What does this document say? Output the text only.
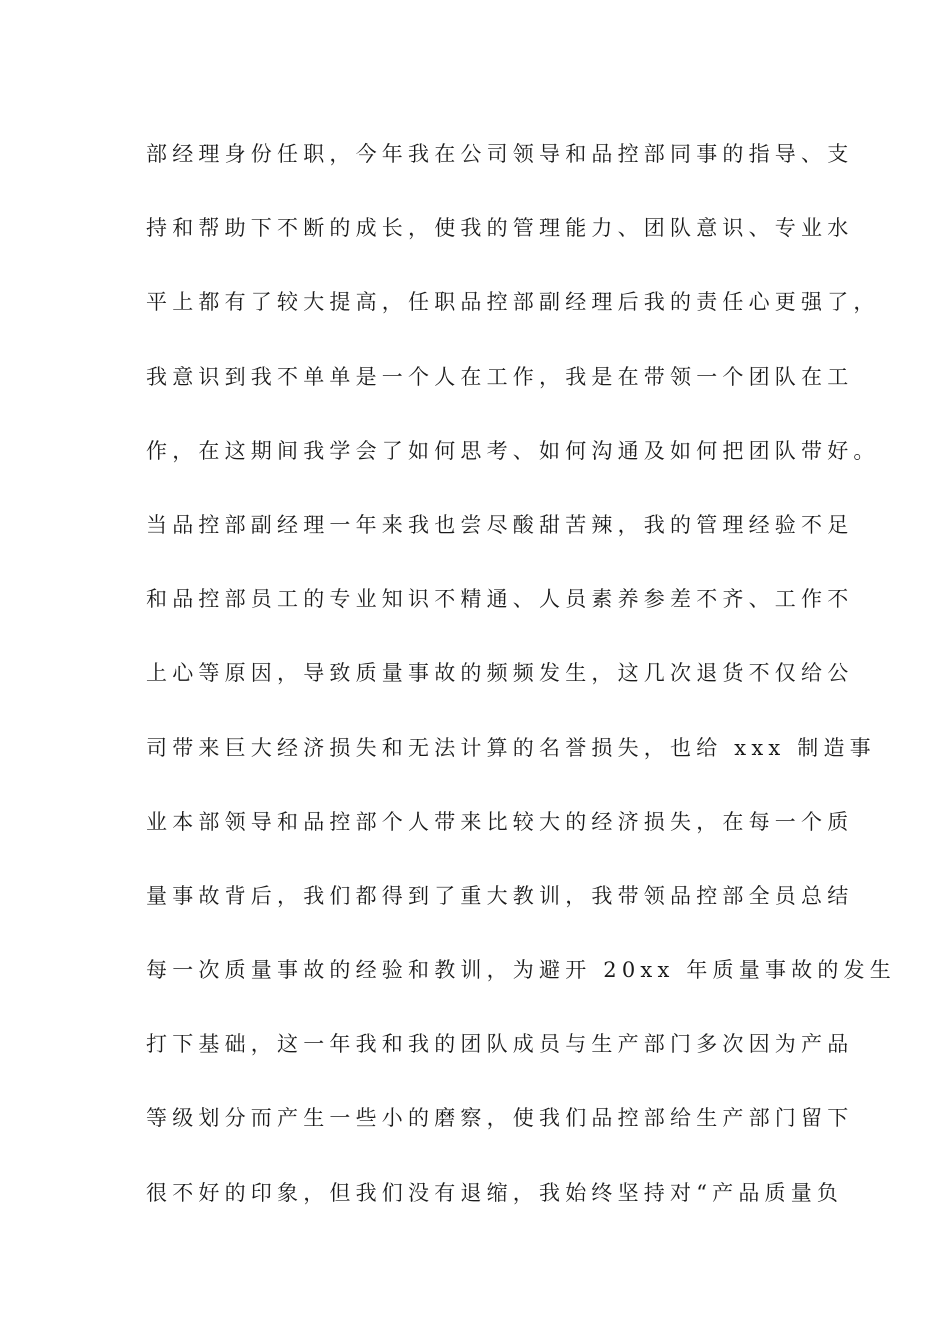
部经理身份任职，今年我在公司领导和品控部同事的指导、支
持和帮助下不断的成长，使我的管理能力、团队意识、专业水
平上都有了较大提高，任职品控部副经理后我的责任心更强了，
我意识到我不单单是一个人在工作，我是在带领一个团队在工
作，在这期间我学会了如何思考、如何沟通及如何把团队带好。
当品控部副经理一年来我也尝尽酸甜苦辣，我的管理经验不足
和品控部员工的专业知识不精通、人员素养参差不齐、工作不
上心等原因，导致质量事故的频频发生，这几次退货不仅给公
司带来巨大经济损失和无法计算的名誉损失，也给 xxx 制造事
业本部领导和品控部个人带来比较大的经济损失，在每一个质
量事故背后，我们都得到了重大教训，我带领品控部全员总结
每一次质量事故的经验和教训，为避开 20xx 年质量事故的发生
打下基础，这一年我和我的团队成员与生产部门多次因为产品
等级划分而产生一些小的磨察，使我们品控部给生产部门留下
很不好的印象，但我们没有退缩，我始终坚持对“产品质量负
